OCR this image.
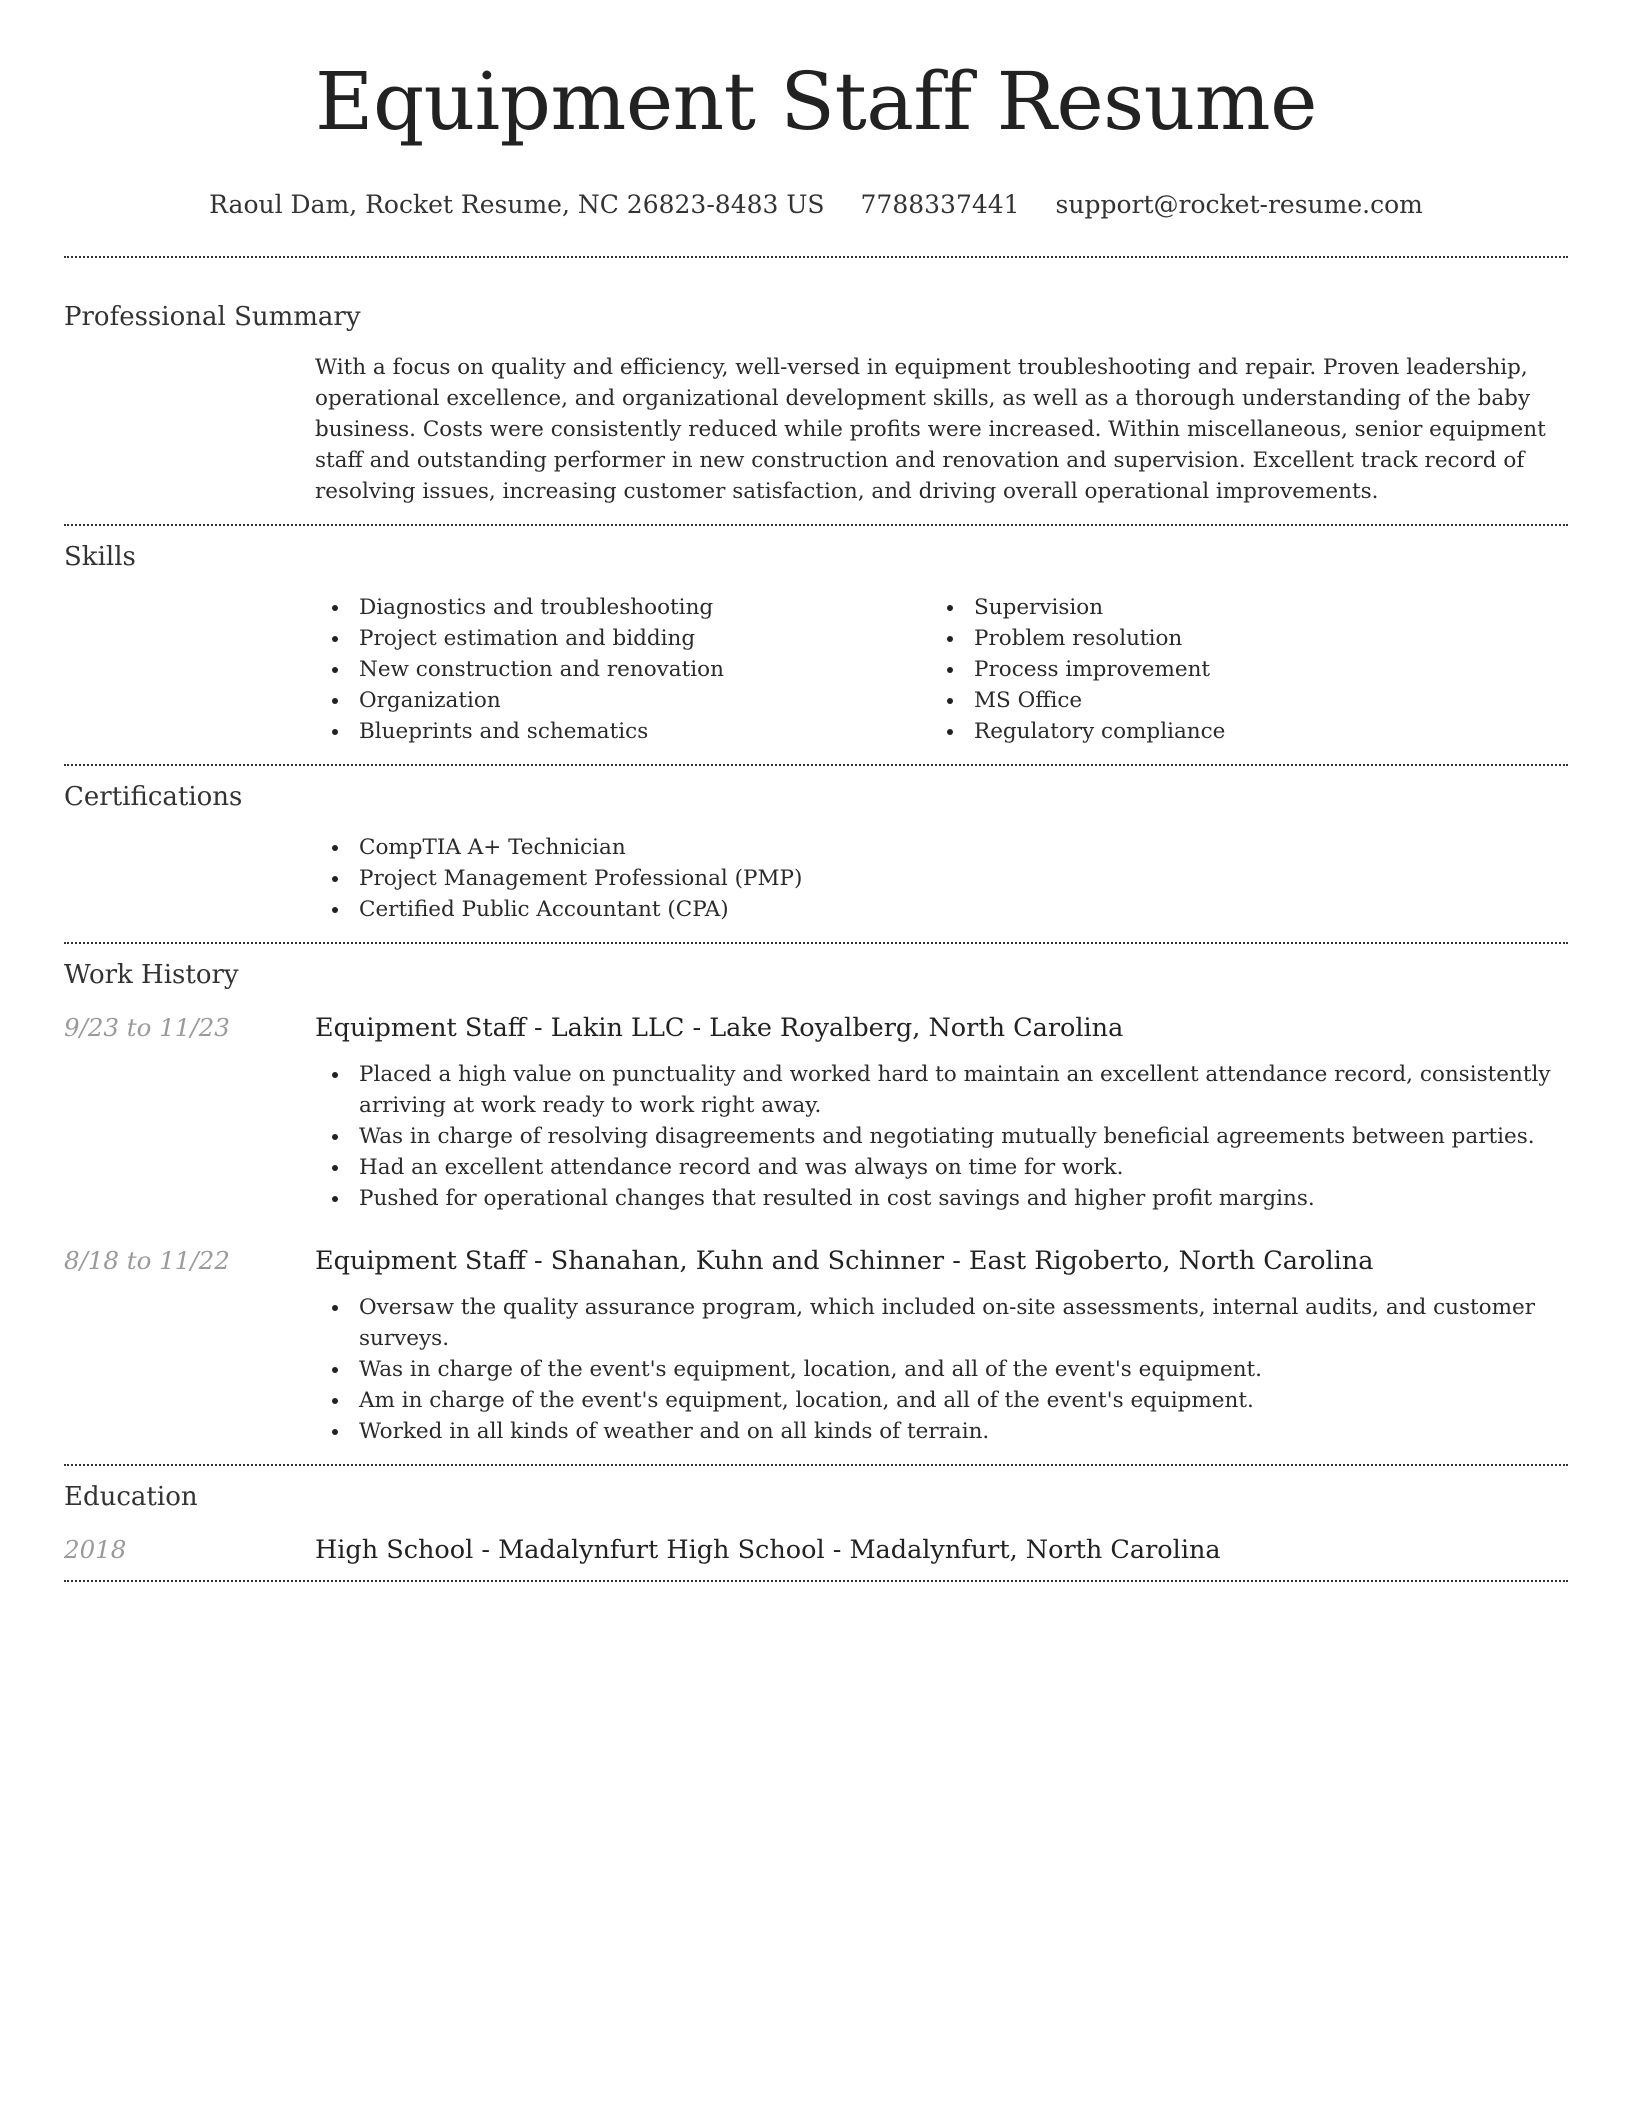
Equipment Staff Resume
Raoul Dam, Rocket Resume, NC 26823-8483 US 7788337441 support@rocket-resume.com
Professional Summary

With a focus on quality and efficiency, well-versed in equipment troubleshooting and repair. Proven leadership, operational excellence, and organizational development skills, as well as a thorough understanding of the baby business. Costs were consistently reduced while profits were increased. Within miscellaneous, senior equipment staff and outstanding performer in new construction and renovation and supervision. Excellent track record of resolving issues, increasing customer satisfaction, and driving overall operational improvements.

Skills
Diagnostics and troubleshooting
Project estimation and bidding
New construction and renovation
Organization
Blueprints and schematics
Supervision
Problem resolution
Process improvement
MS Office
Regulatory compliance
Certifications
CompTIA A+ Technician
Project Management Professional (PMP)
Certified Public Accountant (CPA)
Work History
9/23 to 11/23	Equipment Staff - Lakin LLC - Lake Royalberg, North Carolina
Placed a high value on punctuality and worked hard to maintain an excellent attendance record, consistently arriving at work ready to work right away.
Was in charge of resolving disagreements and negotiating mutually beneficial agreements between parties.
Had an excellent attendance record and was always on time for work.
Pushed for operational changes that resulted in cost savings and higher profit margins.
8/18 to 11/22	Equipment Staff - Shanahan, Kuhn and Schinner - East Rigoberto, North Carolina
Oversaw the quality assurance program, which included on-site assessments, internal audits, and customer surveys.
Was in charge of the event's equipment, location, and all of the event's equipment.
Am in charge of the event's equipment, location, and all of the event's equipment.
Worked in all kinds of weather and on all kinds of terrain.
Education
2018	High School - Madalynfurt High School - Madalynfurt, North Carolina
